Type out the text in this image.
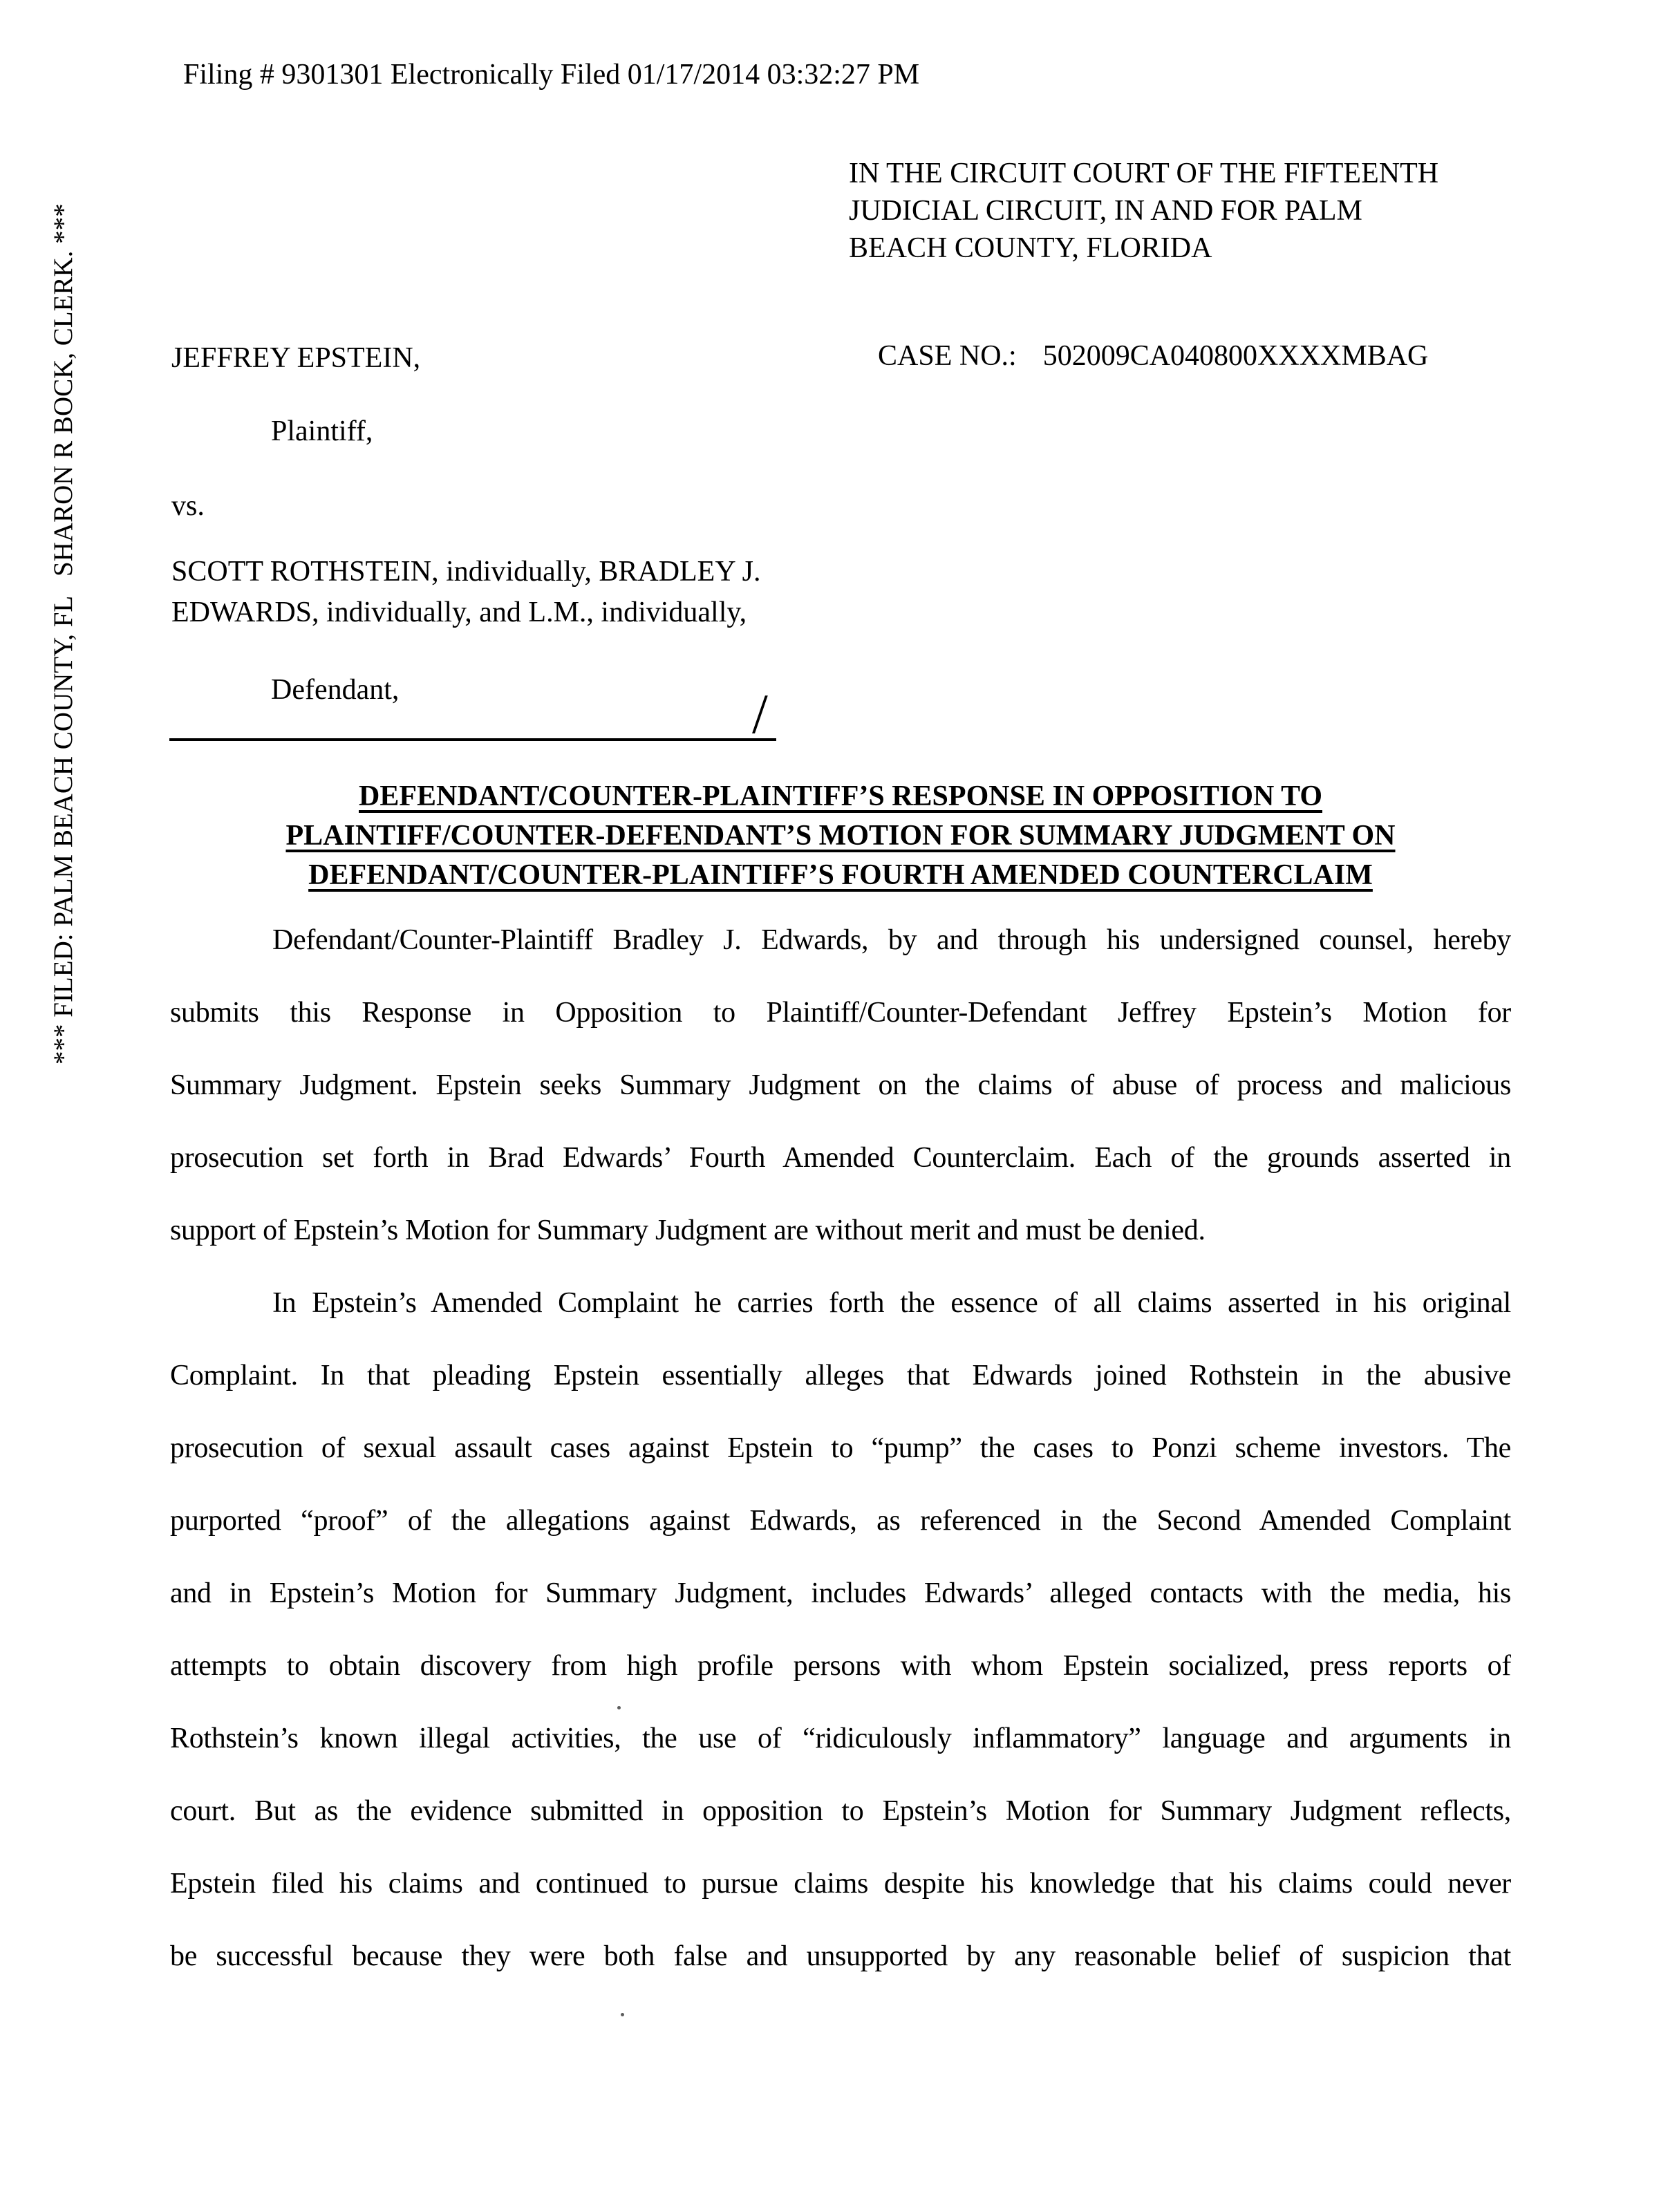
Filing # 9301301 Electronically Filed 01/17/2014 03:32:27 PM
*** FILED: PALM BEACH COUNTY, FL   SHARON R BOCK, CLERK. ***
IN THE CIRCUIT COURT OF THE FIFTEENTH
JUDICIAL CIRCUIT, IN AND FOR PALM
BEACH COUNTY, FLORIDA

CASE NO.: 502009CA040800XXXXMBAG

JEFFREY EPSTEIN,
Plaintiff,
vs.
SCOTT ROTHSTEIN, individually, BRADLEY J.
EDWARDS, individually, and L.M., individually,
Defendant,	/
DEFENDANT/COUNTER-PLAINTIFF’S RESPONSE IN OPPOSITION TO
PLAINTIFF/COUNTER-DEFENDANT’S MOTION FOR SUMMARY JUDGMENT ON
DEFENDANT/COUNTER-PLAINTIFF’S FOURTH AMENDED COUNTERCLAIM
Defendant/Counter-Plaintiff Bradley J. Edwards, by and through his undersigned counsel, hereby
submits this Response in Opposition to Plaintiff/Counter-Defendant Jeffrey Epstein’s Motion for
Summary Judgment. Epstein seeks Summary Judgment on the claims of abuse of process and malicious
prosecution set forth in Brad Edwards’ Fourth Amended Counterclaim. Each of the grounds asserted in
support of Epstein’s Motion for Summary Judgment are without merit and must be denied.
In Epstein’s Amended Complaint he carries forth the essence of all claims asserted in his original
Complaint. In that pleading Epstein essentially alleges that Edwards joined Rothstein in the abusive
prosecution of sexual assault cases against Epstein to “pump” the cases to Ponzi scheme investors. The
purported “proof” of the allegations against Edwards, as referenced in the Second Amended Complaint
and in Epstein’s Motion for Summary Judgment, includes Edwards’ alleged contacts with the media, his
attempts to obtain discovery from high profile persons with whom Epstein socialized, press reports of
Rothstein’s known illegal activities, the use of “ridiculously inflammatory” language and arguments in
court. But as the evidence submitted in opposition to Epstein’s Motion for Summary Judgment reflects,
Epstein filed his claims and continued to pursue claims despite his knowledge that his claims could never
be successful because they were both false and unsupported by any reasonable belief of suspicion that
